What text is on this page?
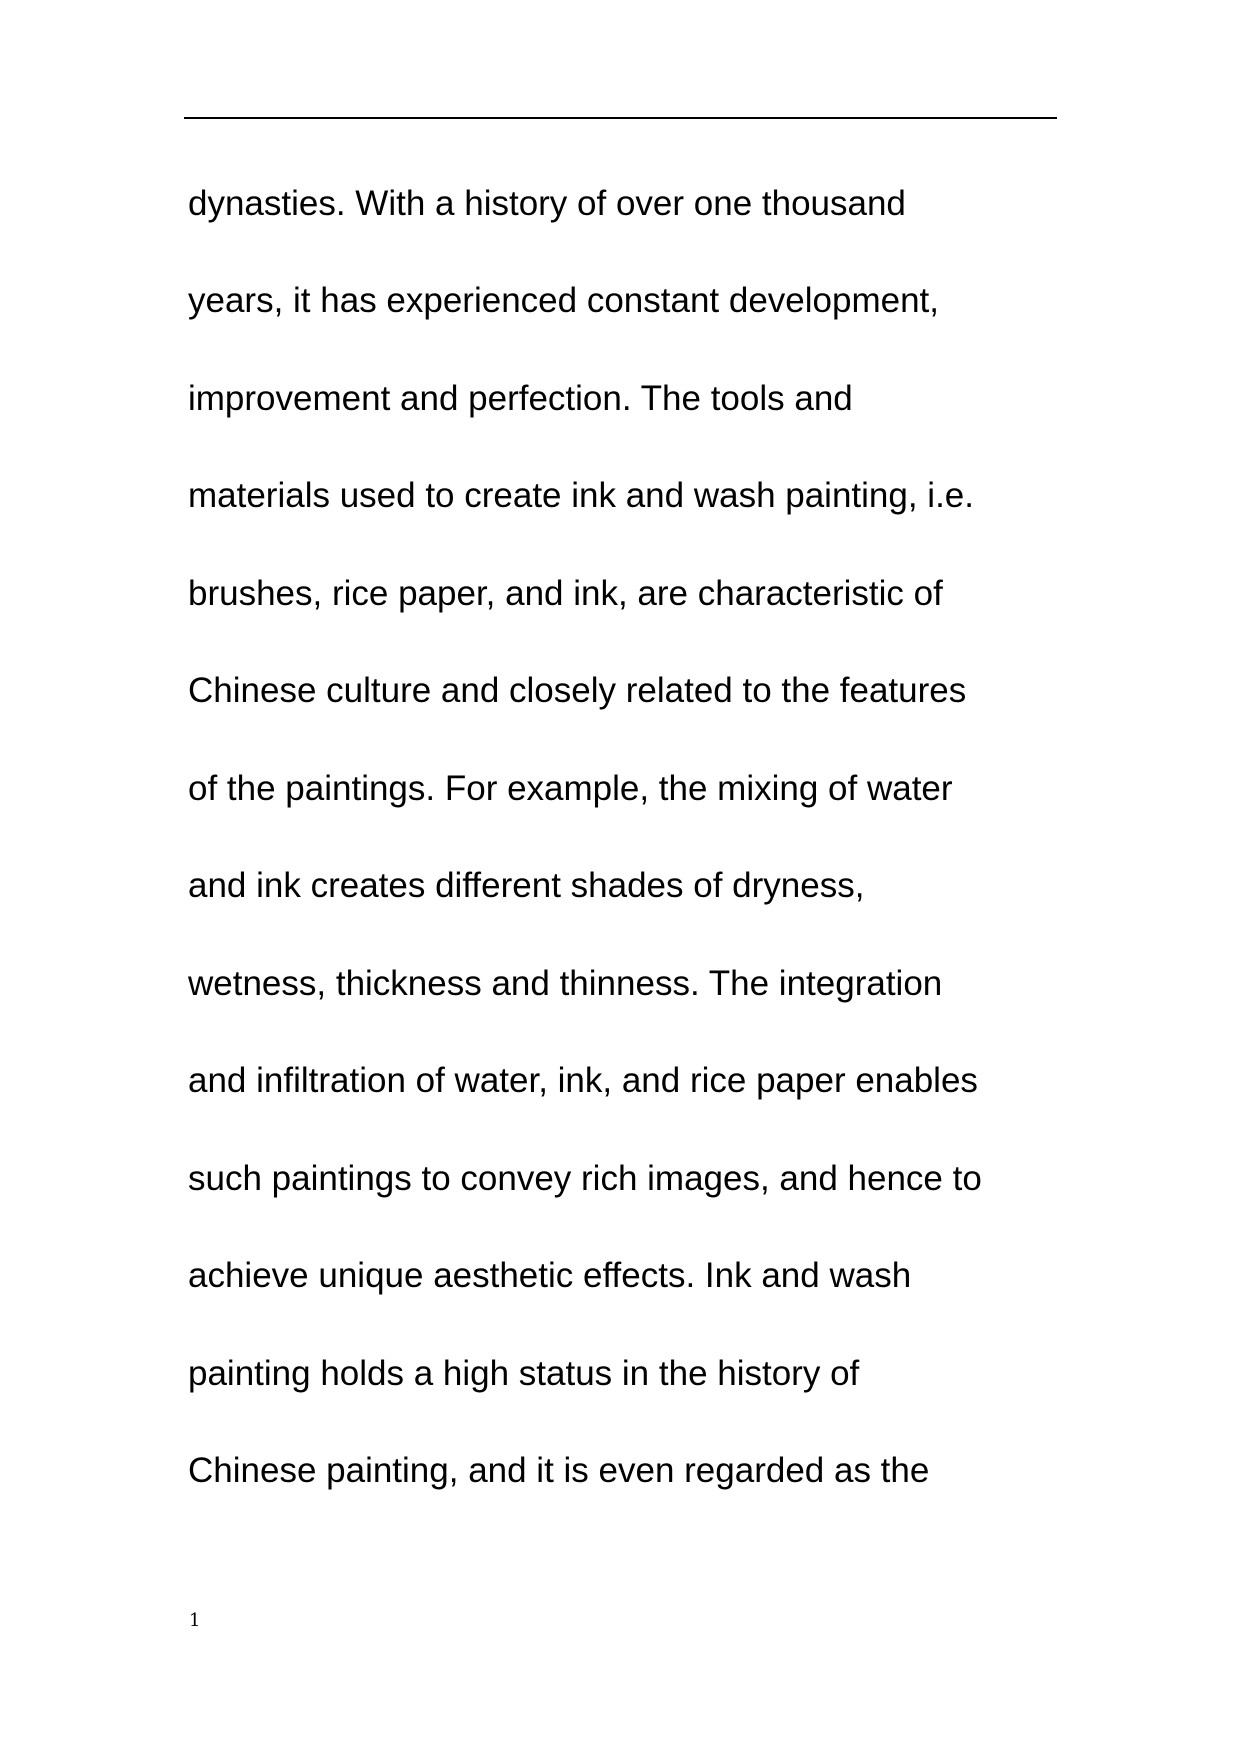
dynasties. With a history of over one thousand
years, it has experienced constant development,
improvement and perfection. The tools and
materials used to create ink and wash painting, i.e.
brushes, rice paper, and ink, are characteristic of
Chinese culture and closely related to the features
of the paintings. For example, the mixing of water
and ink creates different shades of dryness,
wetness, thickness and thinness. The integration
and infiltration of water, ink, and rice paper enables
such paintings to convey rich images, and hence to
achieve unique aesthetic effects. Ink and wash
painting holds a high status in the history of
Chinese painting, and it is even regarded as the
1
